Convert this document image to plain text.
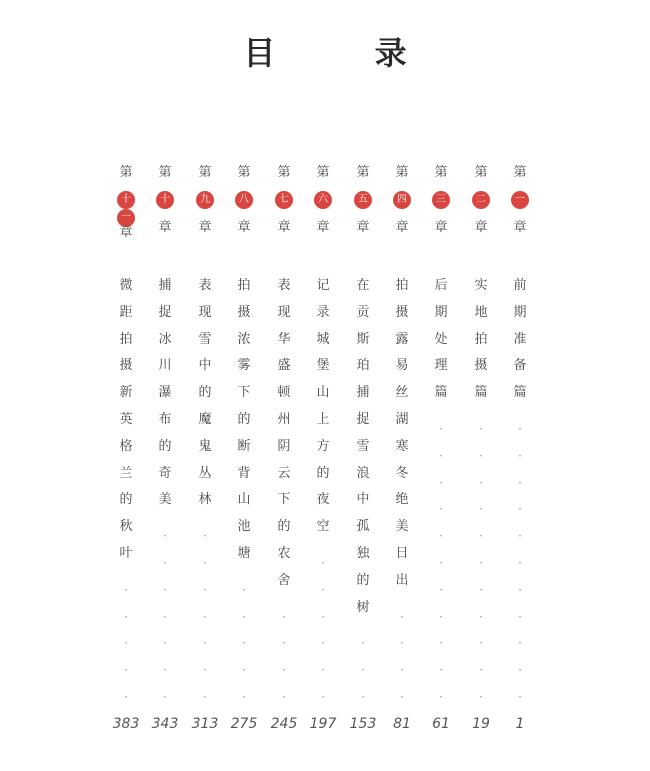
目 录
第
一
章
前
期
准
备
篇
·
·
·
·
·
·
·
·
·
·
·
1
第
二
章
实
地
拍
摄
篇
·
·
·
·
·
·
·
·
·
·
·
19
第
三
章
后
期
处
理
篇
·
·
·
·
·
·
·
·
·
·
·
61
第
四
章
拍
摄
露
易
丝
湖
寒
冬
绝
美
日
出
·
·
·
·
81
第
五
章
在
贡
斯
珀
捕
捉
雪
浪
中
孤
独
的
树
·
·
·
153
第
六
章
记
录
城
堡
山
上
方
的
夜
空
·
·
·
·
·
·
197
第
七
章
表
现
华
盛
顿
州
阴
云
下
的
农
舍
·
·
·
·
245
第
八
章
拍
摄
浓
雾
下
的
断
背
山
池
塘
·
·
·
·
·
275
第
九
章
表
现
雪
中
的
魔
鬼
丛
林
·
·
·
·
·
·
·
313
第
十
章
捕
捉
冰
川
瀑
布
的
奇
美
·
·
·
·
·
·
·
343
第
十
一
章
微
距
拍
摄
新
英
格
兰
的
秋
叶
·
·
·
·
·
383
